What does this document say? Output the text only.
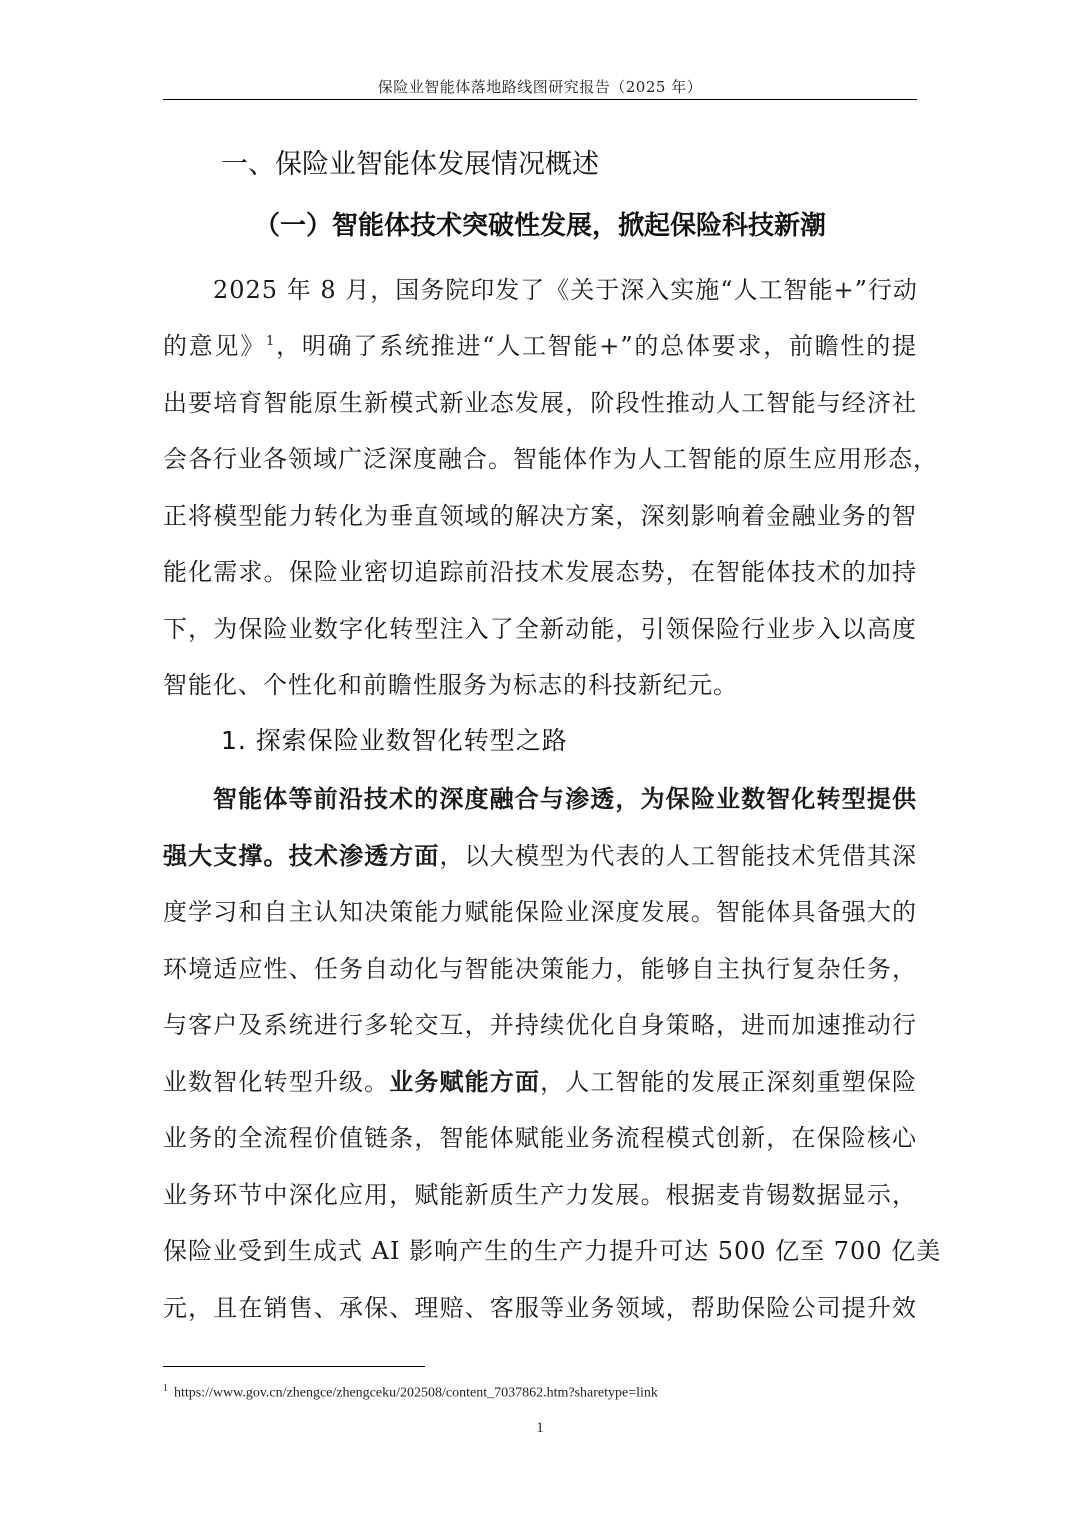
保险业智能体落地路线图研究报告（2025 年）
一、保险业智能体发展情况概述
（一）智能体技术突破性发展，掀起保险科技新潮
2025 年 8 月，国务院印发了《关于深入实施“人工智能+”行动
的意见》$^1$，明确了系统推进“人工智能+”的总体要求，前瞻性的提
出要培育智能原生新模式新业态发展，阶段性推动人工智能与经济社
会各行业各领域广泛深度融合。智能体作为人工智能的原生应用形态，
正将模型能力转化为垂直领域的解决方案，深刻影响着金融业务的智
能化需求。保险业密切追踪前沿技术发展态势，在智能体技术的加持
下，为保险业数字化转型注入了全新动能，引领保险行业步入以高度
智能化、个性化和前瞻性服务为标志的科技新纪元。
1. 探索保险业数智化转型之路
智能体等前沿技术的深度融合与渗透，为保险业数智化转型提供
强大支撑。技术渗透方面，以大模型为代表的人工智能技术凭借其深
度学习和自主认知决策能力赋能保险业深度发展。智能体具备强大的
环境适应性、任务自动化与智能决策能力，能够自主执行复杂任务，
与客户及系统进行多轮交互，并持续优化自身策略，进而加速推动行
业数智化转型升级。业务赋能方面，人工智能的发展正深刻重塑保险
业务的全流程价值链条，智能体赋能业务流程模式创新，在保险核心
业务环节中深化应用，赋能新质生产力发展。根据麦肯锡数据显示，
保险业受到生成式 AI 影响产生的生产力提升可达 500 亿至 700 亿美
元，且在销售、承保、理赔、客服等业务领域，帮助保险公司提升效
$^1$ https://www.gov.cn/zhengce/zhengceku/202508/content_7037862.htm?sharetype=link
1
